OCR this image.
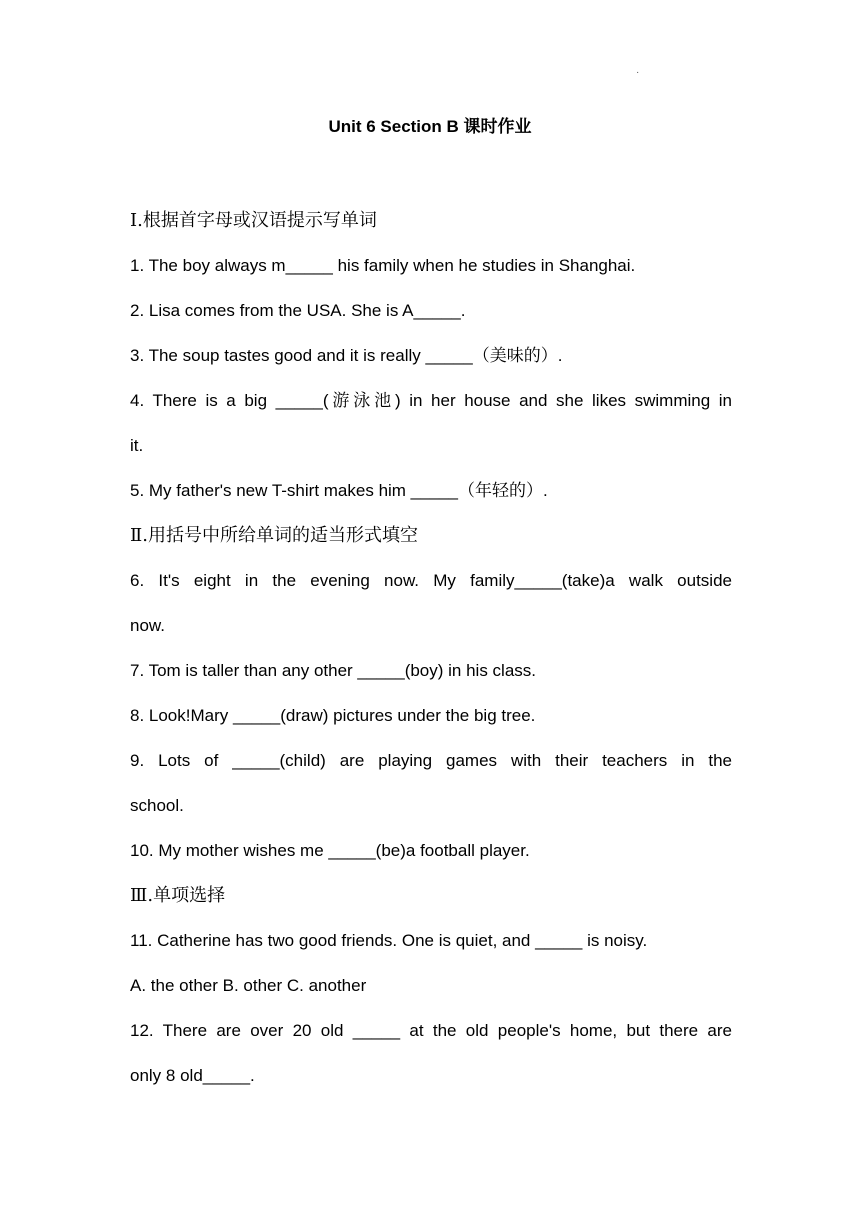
·
Unit 6 Section B 课时作业

Ⅰ.根据首字母或汉语提示写单词

1. The boy always m_____ his family when he studies in Shanghai.

2. Lisa comes from the USA. She is A_____.

3. The soup tastes good and it is really _____（美味的）.

4. There is a big _____(游泳池) in her house and she likes swimming in

it.

5. My father's new T-shirt makes him _____（年轻的）.

Ⅱ.用括号中所给单词的适当形式填空

6. It's eight in the evening now. My family_____(take)a walk outside

now.

7. Tom is taller than any other _____(boy) in his class.

8. Look!Mary _____(draw) pictures under the big tree.

9. Lots of _____(child) are playing games with their teachers in the

school.

10. My mother wishes me _____(be)a football player.

Ⅲ.单项选择

11. Catherine has two good friends. One is quiet, and _____ is noisy.

A. the other B. other C. another

12. There are over 20 old _____ at the old people's home, but there are

only 8 old_____.
